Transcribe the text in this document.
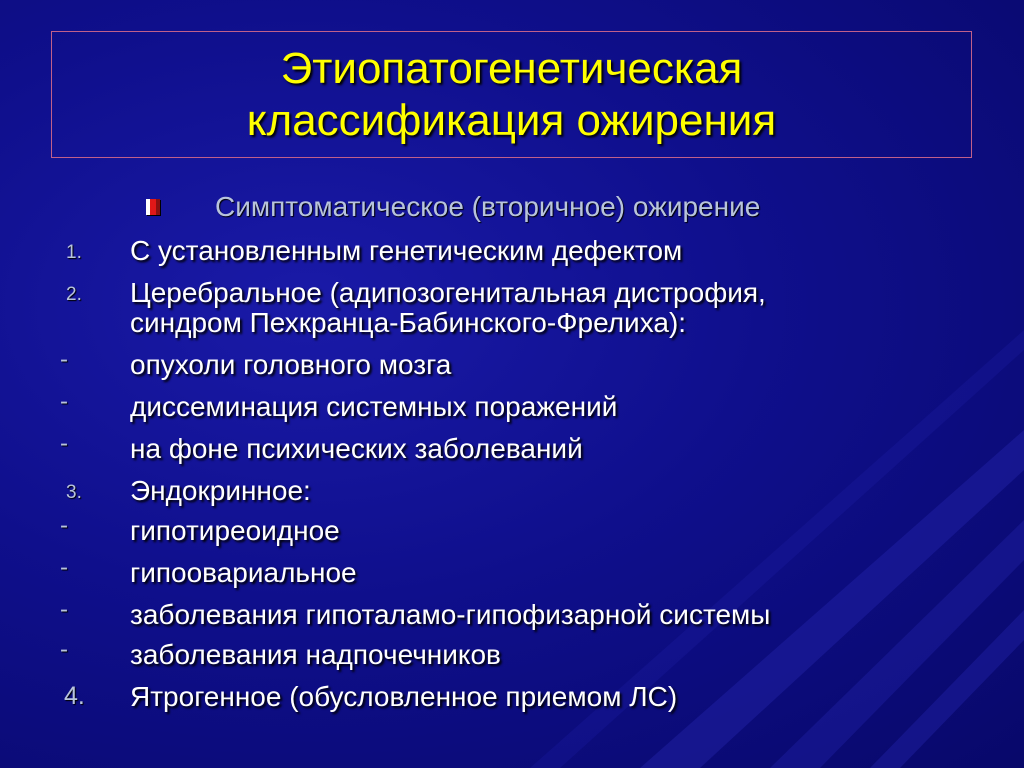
Этиопатогенетическая
классификация ожирения
Симптоматическое (вторичное) ожирение
1. С установленным генетическим дефектом
2. Церебральное (адипозогенитальная дистрофия,
синдром Пехкранца-Бабинского-Фрелиха):
- опухоли головного мозга
- диссеминация системных поражений
- на фоне психических заболеваний
3. Эндокринное:
- гипотиреоидное
- гипоовариальное
- заболевания гипоталамо-гипофизарной системы
- заболевания надпочечников
4. Ятрогенное (обусловленное приемом ЛС)
